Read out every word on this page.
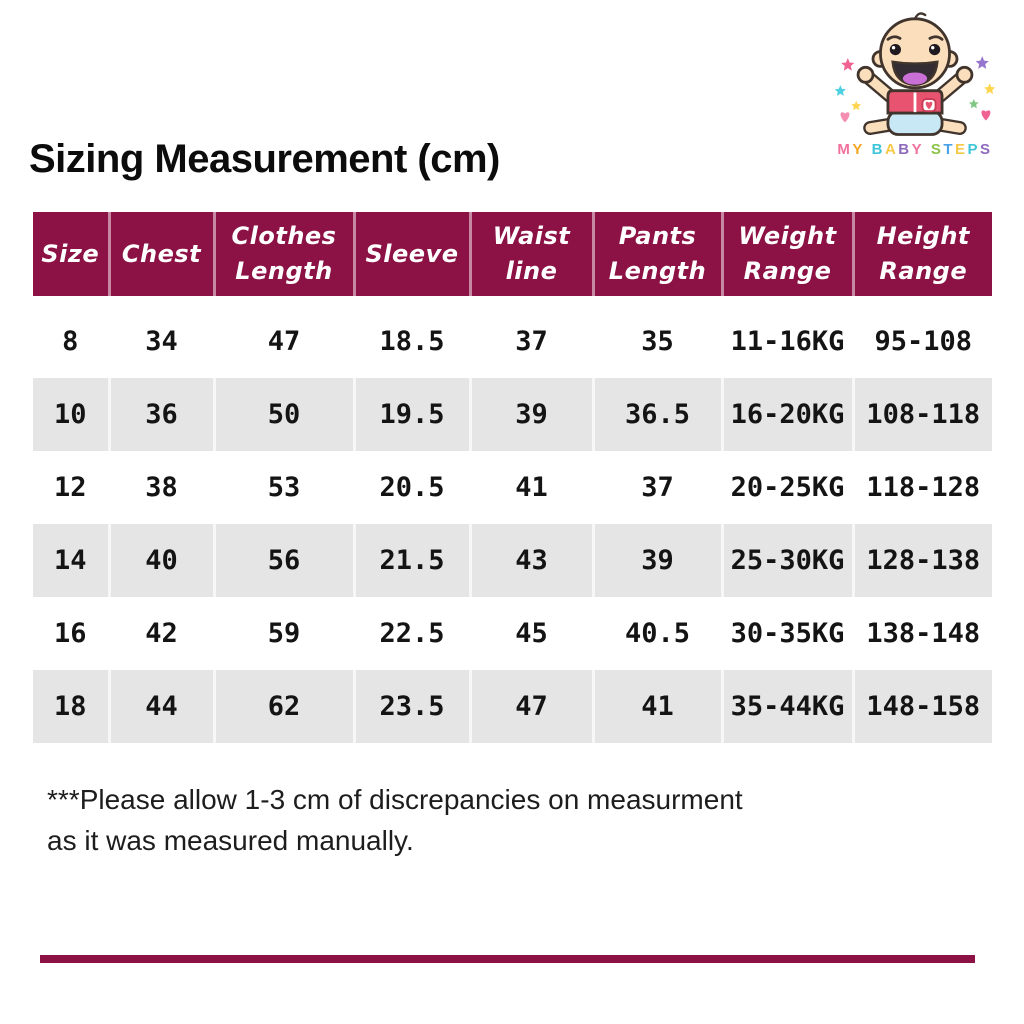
MY BABY STEPS
Sizing Measurement (cm)
Size	Chest	Clothes Length	Sleeve	Waist line	Pants Length	Weight Range	Height Range
8	34	47	18.5	37	35	11-16KG	95-108
10	36	50	19.5	39	36.5	16-20KG	108-118
12	38	53	20.5	41	37	20-25KG	118-128
14	40	56	21.5	43	39	25-30KG	128-138
16	42	59	22.5	45	40.5	30-35KG	138-148
18	44	62	23.5	47	41	35-44KG	148-158
***Please allow 1-3 cm of discrepancies on measurment
as it was measured manually.
